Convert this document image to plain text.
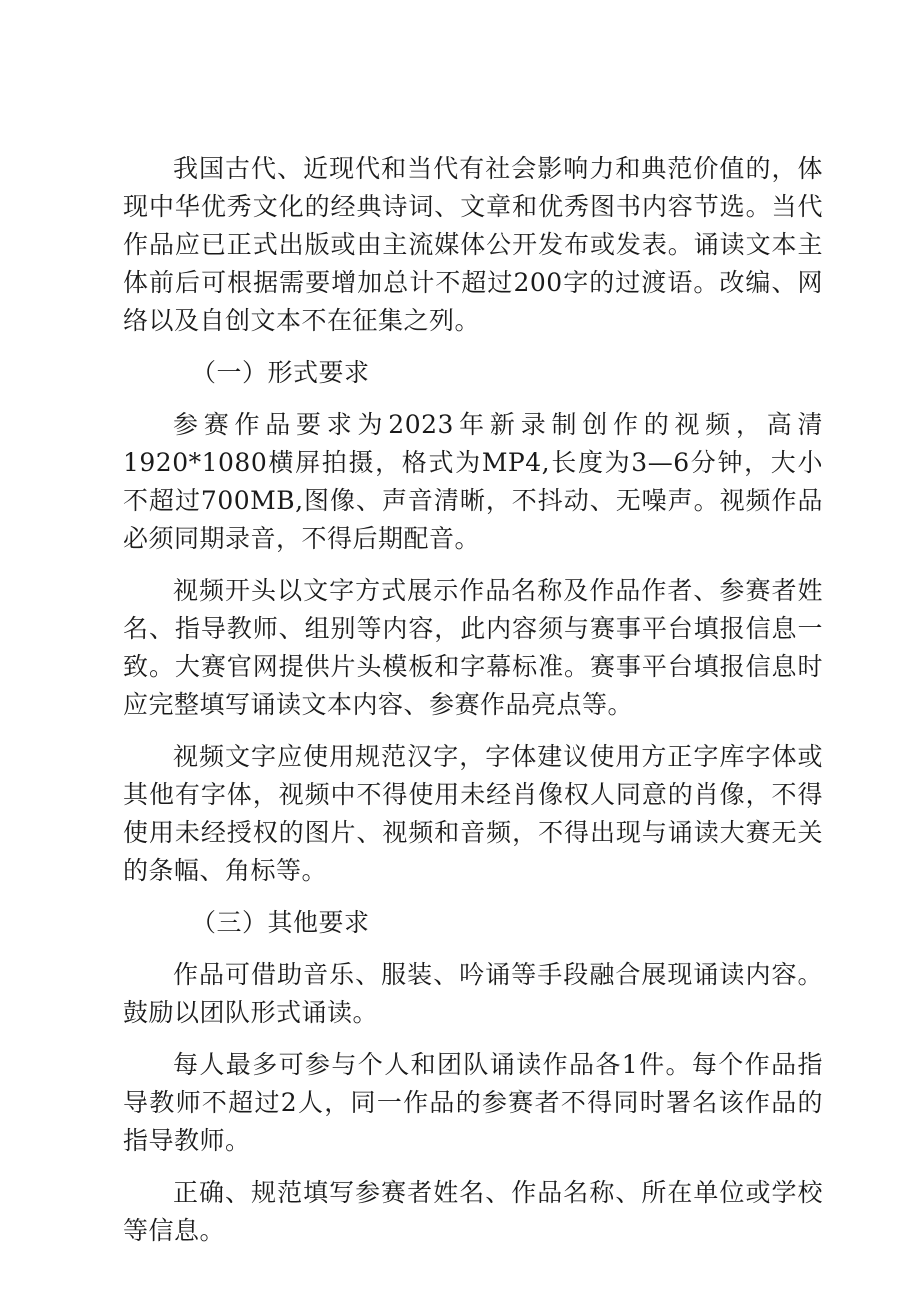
我国古代、近现代和当代有社会影响力和典范价值的，体现中华优秀文化的经典诗词、文章和优秀图书内容节选。当代作品应已正式出版或由主流媒体公开发布或发表。诵读文本主体前后可根据需要增加总计不超过200字的过渡语。改编、网络以及自创文本不在征集之列。

（一）形式要求

参赛作品要求为2023年新录制创作的视频，高清1920*1080横屏拍摄，格式为MP4,长度为3—6分钟，大小不超过700MB,图像、声音清晰，不抖动、无噪声。视频作品必须同期录音，不得后期配音。

视频开头以文字方式展示作品名称及作品作者、参赛者姓名、指导教师、组别等内容，此内容须与赛事平台填报信息一致。大赛官网提供片头模板和字幕标准。赛事平台填报信息时应完整填写诵读文本内容、参赛作品亮点等。

视频文字应使用规范汉字，字体建议使用方正字库字体或其他有字体，视频中不得使用未经肖像权人同意的肖像，不得使用未经授权的图片、视频和音频，不得出现与诵读大赛无关的条幅、角标等。

（三）其他要求

作品可借助音乐、服装、吟诵等手段融合展现诵读内容。鼓励以团队形式诵读。

每人最多可参与个人和团队诵读作品各1件。每个作品指导教师不超过2人，同一作品的参赛者不得同时署名该作品的指导教师。

正确、规范填写参赛者姓名、作品名称、所在单位或学校等信息。
